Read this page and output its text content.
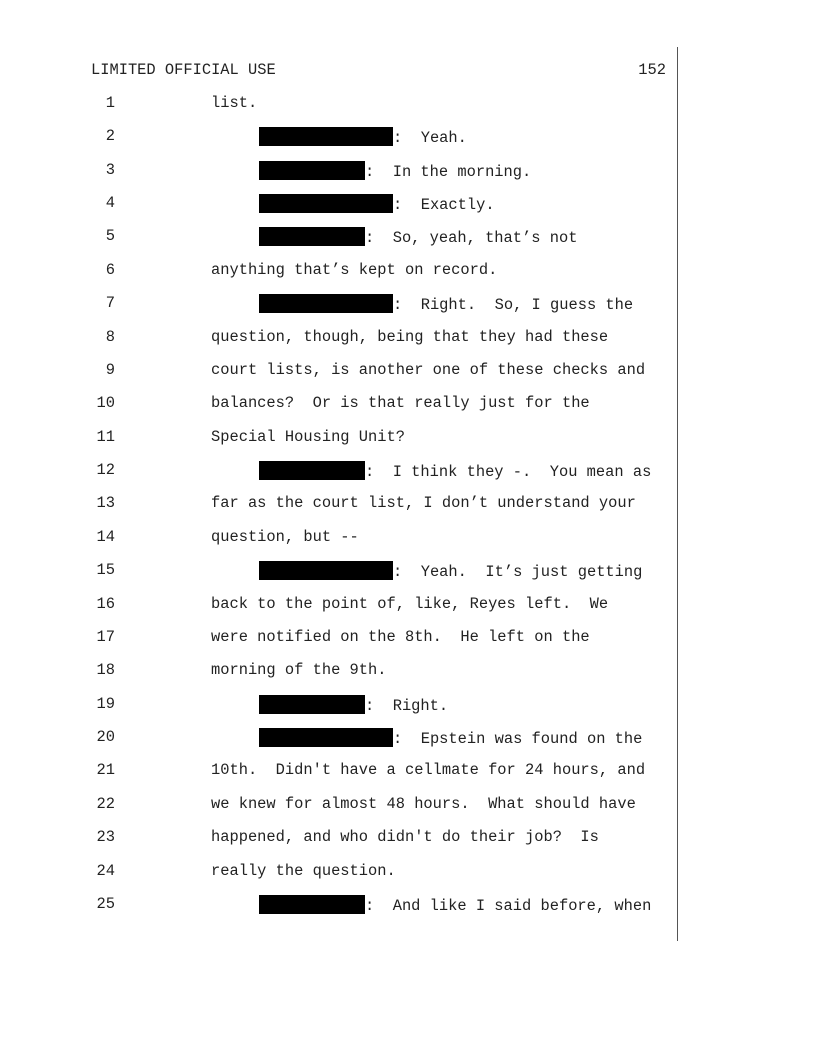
LIMITED OFFICIAL USE	152
1	list.
2	:  Yeah.
3	:  In the morning.
4	:  Exactly.
5	:  So, yeah, that’s not
6	anything that’s kept on record.
7	:  Right.  So, I guess the
8	question, though, being that they had these
9	court lists, is another one of these checks and
10	balances?  Or is that really just for the
11	Special Housing Unit?
12	:  I think they -.  You mean as
13	far as the court list, I don’t understand your
14	question, but --
15	:  Yeah.  It’s just getting
16	back to the point of, like, Reyes left.  We
17	were notified on the 8th.  He left on the
18	morning of the 9th.
19	:  Right.
20	:  Epstein was found on the
21	10th.  Didn't have a cellmate for 24 hours, and
22	we knew for almost 48 hours.  What should have
23	happened, and who didn't do their job?  Is
24	really the question.
25	:  And like I said before, when
